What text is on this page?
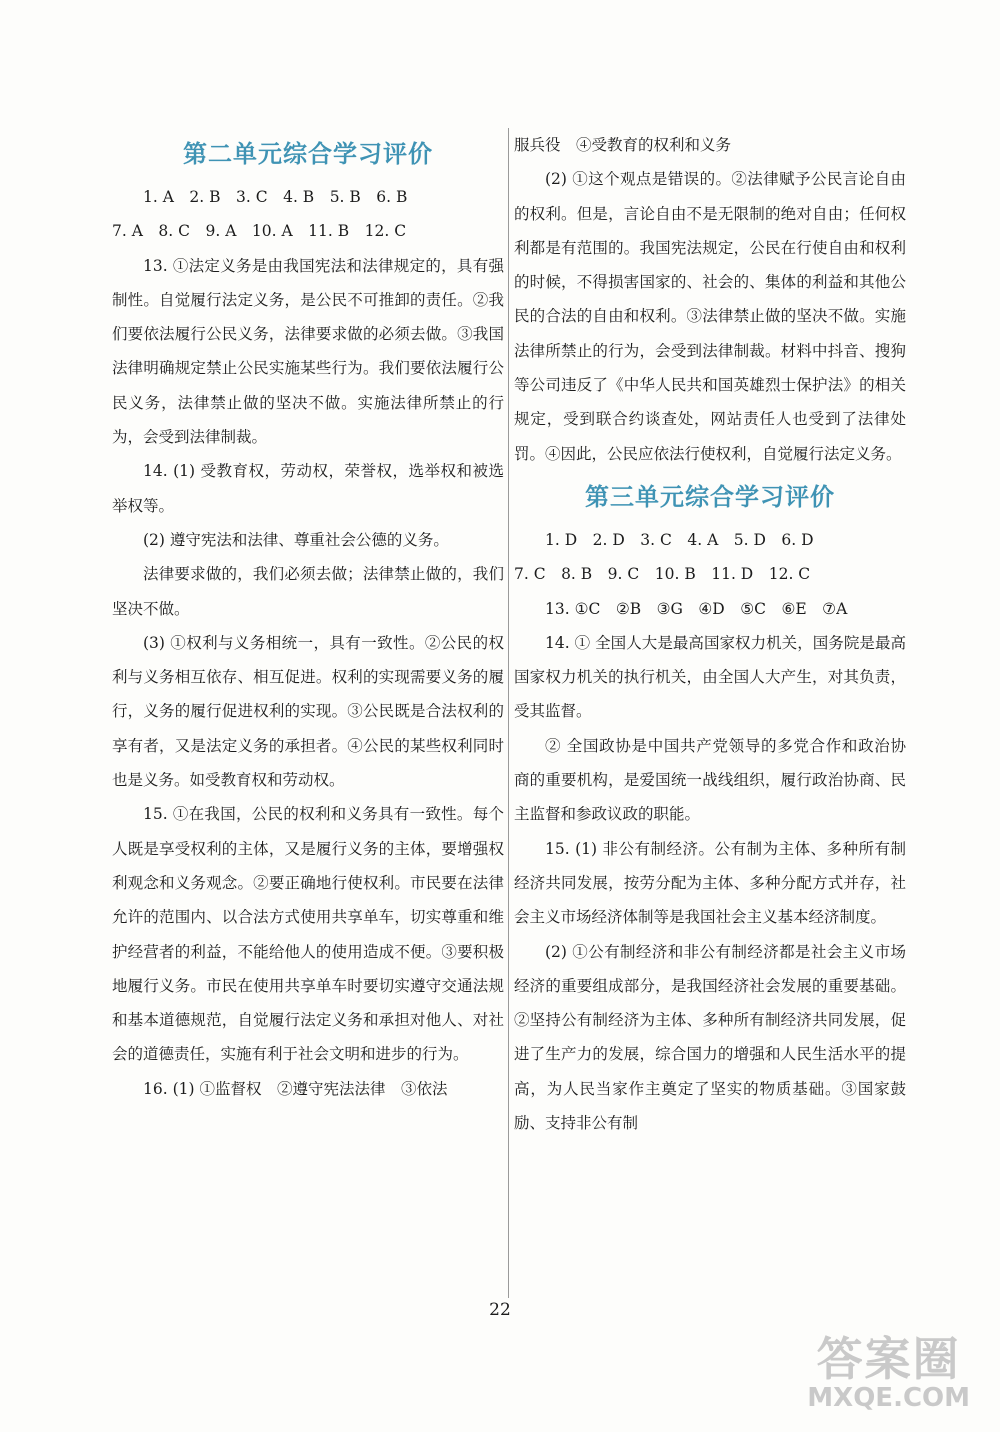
第二单元综合学习评价

1. A　2. B　3. C　4. B　5. B　6. B

7. A　8. C　9. A　10. A　11. B　12. C

13. ①法定义务是由我国宪法和法律规定的，具有强制性。自觉履行法定义务，是公民不可推卸的责任。②我们要依法履行公民义务，法律要求做的必须去做。③我国法律明确规定禁止公民实施某些行为。我们要依法履行公民义务，法律禁止做的坚决不做。实施法律所禁止的行为，会受到法律制裁。

14. (1) 受教育权，劳动权，荣誉权，选举权和被选举权等。

(2) 遵守宪法和法律、尊重社会公德的义务。

法律要求做的，我们必须去做；法律禁止做的，我们坚决不做。

(3) ①权利与义务相统一，具有一致性。②公民的权利与义务相互依存、相互促进。权利的实现需要义务的履行，义务的履行促进权利的实现。③公民既是合法权利的享有者，又是法定义务的承担者。④公民的某些权利同时也是义务。如受教育权和劳动权。

15. ①在我国，公民的权利和义务具有一致性。每个人既是享受权利的主体，又是履行义务的主体，要增强权利观念和义务观念。②要正确地行使权利。市民要在法律允许的范围内、以合法方式使用共享单车，切实尊重和维护经营者的利益，不能给他人的使用造成不便。③要积极地履行义务。市民在使用共享单车时要切实遵守交通法规和基本道德规范，自觉履行法定义务和承担对他人、对社会的道德责任，实施有利于社会文明和进步的行为。

16. (1) ①监督权　②遵守宪法法律　③依法

服兵役　④受教育的权利和义务

(2) ①这个观点是错误的。②法律赋予公民言论自由的权利。但是，言论自由不是无限制的绝对自由；任何权利都是有范围的。我国宪法规定，公民在行使自由和权利的时候，不得损害国家的、社会的、集体的利益和其他公民的合法的自由和权利。③法律禁止做的坚决不做。实施法律所禁止的行为，会受到法律制裁。材料中抖音、搜狗等公司违反了《中华人民共和国英雄烈士保护法》的相关规定，受到联合约谈查处，网站责任人也受到了法律处罚。④因此，公民应依法行使权利，自觉履行法定义务。

第三单元综合学习评价

1. D　2. D　3. C　4. A　5. D　6. D

7. C　8. B　9. C　10. B　11. D　12. C

13. ①C　②B　③G　④D　⑤C　⑥E　⑦A

14. ① 全国人大是最高国家权力机关，国务院是最高国家权力机关的执行机关，由全国人大产生，对其负责，受其监督。

② 全国政协是中国共产党领导的多党合作和政治协商的重要机构，是爱国统一战线组织，履行政治协商、民主监督和参政议政的职能。

15. (1) 非公有制经济。公有制为主体、多种所有制经济共同发展，按劳分配为主体、多种分配方式并存，社会主义市场经济体制等是我国社会主义基本经济制度。

(2) ①公有制经济和非公有制经济都是社会主义市场经济的重要组成部分，是我国经济社会发展的重要基础。②坚持公有制经济为主体、多种所有制经济共同发展，促进了生产力的发展，综合国力的增强和人民生活水平的提高，为人民当家作主奠定了坚实的物质基础。③国家鼓励、支持非公有制

22
答案圈
MXQE.COM
